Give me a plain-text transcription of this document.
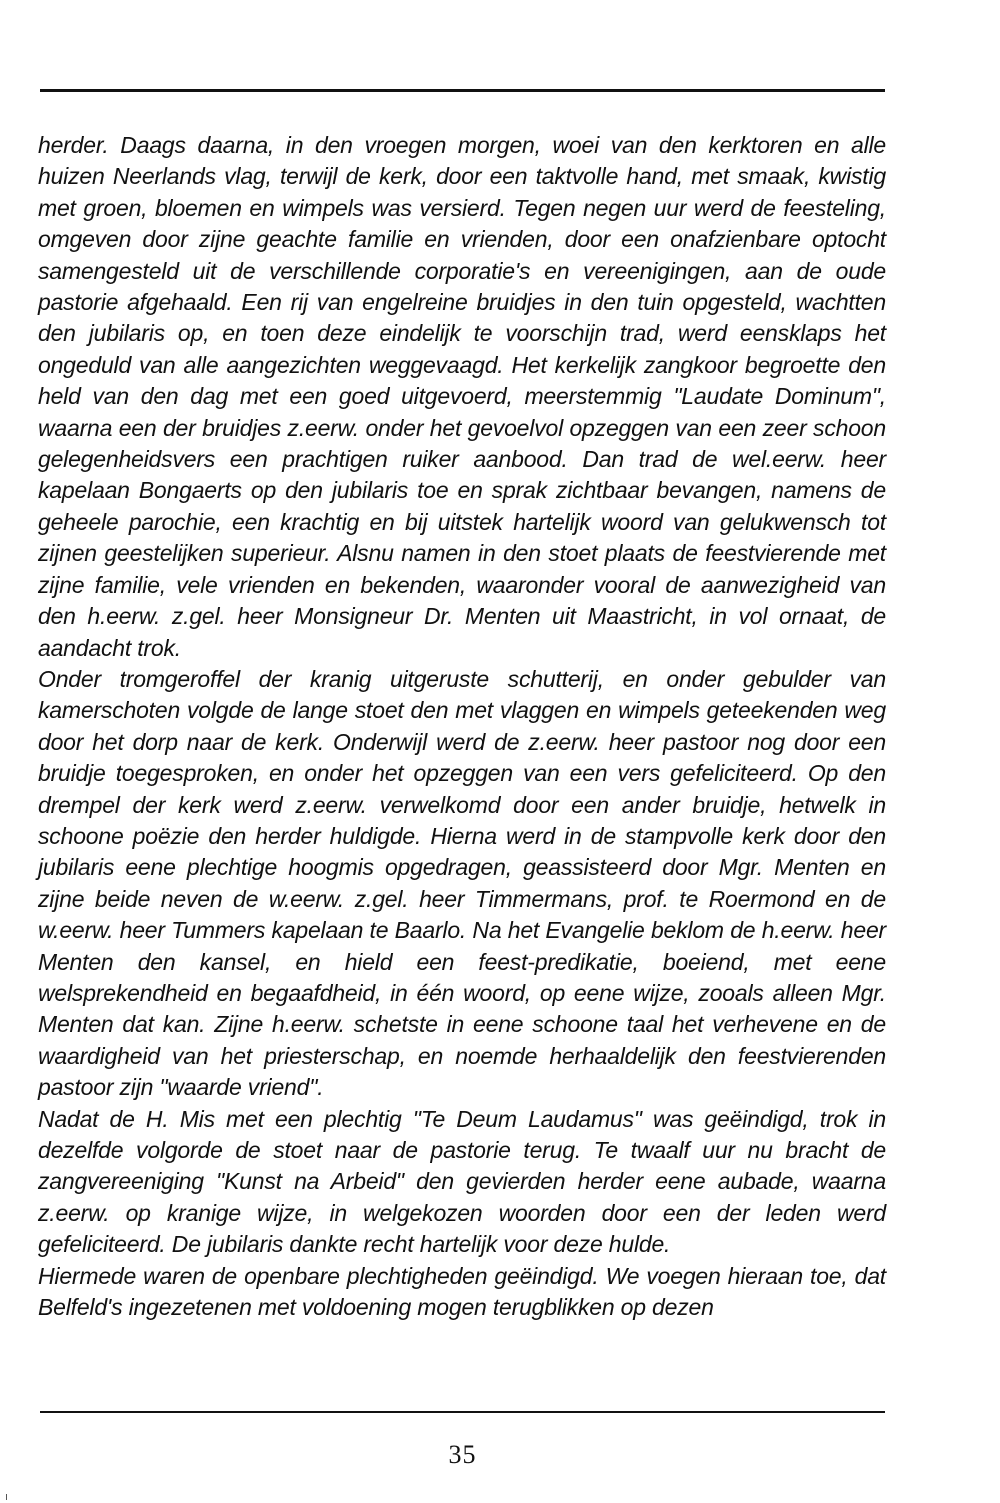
herder. Daags daarna, in den vroegen morgen, woei van den kerktoren en alle huizen Neerlands vlag, terwijl de kerk, door een taktvolle hand, met smaak, kwistig met groen, bloemen en wimpels was versierd. Tegen negen uur werd de feesteling, omgeven door zijne geachte familie en vrienden, door een onafzienbare optocht samengesteld uit de verschillende corporatie's en vereenigingen, aan de oude pastorie afgehaald. Een rij van engelreine bruidjes in den tuin opgesteld, wachtten den jubilaris op, en toen deze eindelijk te voorschijn trad, werd eensklaps het ongeduld van alle aangezichten weggevaagd. Het kerkelijk zangkoor begroette den held van den dag met een goed uitgevoerd, meerstemmig "Laudate Dominum", waarna een der bruidjes z.eerw. onder het gevoelvol opzeggen van een zeer schoon gelegenheidsvers een prachtigen ruiker aanbood. Dan trad de wel.eerw. heer kapelaan Bongaerts op den jubilaris toe en sprak zichtbaar bevangen, namens de geheele parochie, een krachtig en bij uitstek hartelijk woord van gelukwensch tot zijnen geestelijken superieur. Alsnu namen in den stoet plaats de feestvierende met zijne familie, vele vrienden en bekenden, waaronder vooral de aanwezigheid van den h.eerw. z.gel. heer Monsigneur Dr. Menten uit Maastricht, in vol ornaat, de aandacht trok.

Onder tromgeroffel der kranig uitgeruste schutterij, en onder gebulder van kamerschoten volgde de lange stoet den met vlaggen en wimpels geteekenden weg door het dorp naar de kerk. Onderwijl werd de z.eerw. heer pastoor nog door een bruidje toegesproken, en onder het opzeggen van een vers gefeliciteerd. Op den drempel der kerk werd z.eerw. verwelkomd door een ander bruidje, hetwelk in schoone poëzie den herder huldigde. Hierna werd in de stampvolle kerk door den jubilaris eene plechtige hoogmis opgedragen, geassisteerd door Mgr. Menten en zijne beide neven de w.eerw. z.gel. heer Timmermans, prof. te Roermond en de w.eerw. heer Tummers kapelaan te Baarlo. Na het Evangelie beklom de h.eerw. heer Menten den kansel, en hield een feest-predikatie, boeiend, met eene welsprekendheid en begaafdheid, in één woord, op eene wijze, zooals alleen Mgr. Menten dat kan. Zijne h.eerw. schetste in eene schoone taal het verhevene en de waardigheid van het priesterschap, en noemde herhaaldelijk den feestvierenden pastoor zijn "waarde vriend".

Nadat de H. Mis met een plechtig "Te Deum Laudamus" was geëindigd, trok in dezelfde volgorde de stoet naar de pastorie terug. Te twaalf uur nu bracht de zangvereeniging "Kunst na Arbeid" den gevierden herder eene aubade, waarna z.eerw. op kranige wijze, in welgekozen woorden door een der leden werd gefeliciteerd. De jubilaris dankte recht hartelijk voor deze hulde.

Hiermede waren de openbare plechtigheden geëindigd. We voegen hieraan toe, dat Belfeld's ingezetenen met voldoening mogen terugblikken op dezen

35
